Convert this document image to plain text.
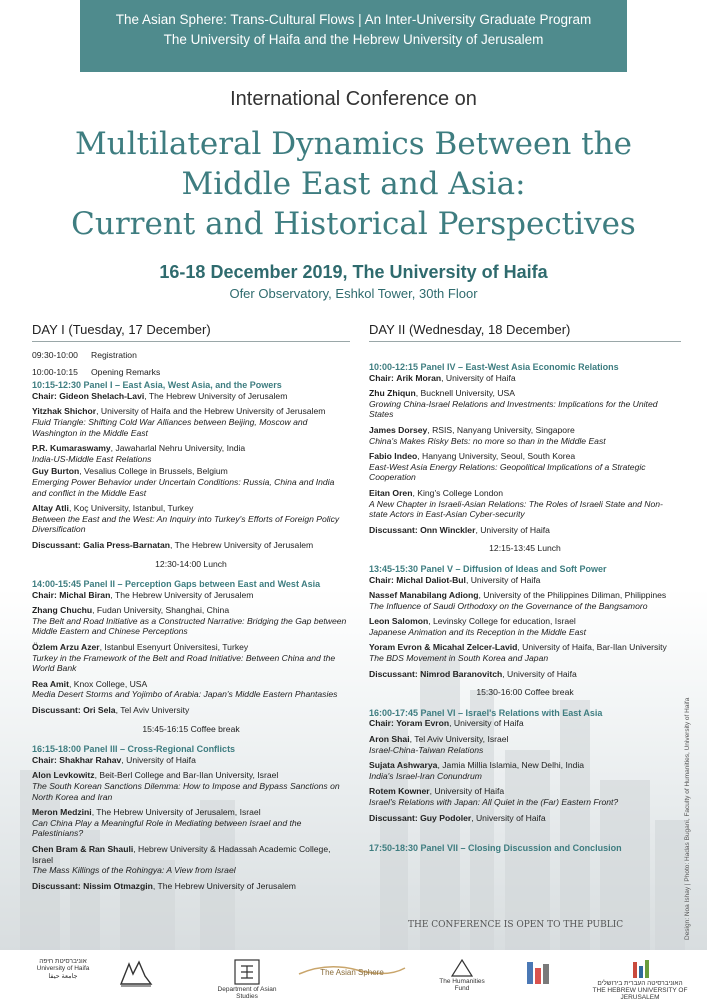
The Asian Sphere: Trans-Cultural Flows | An Inter-University Graduate Program
The University of Haifa and the Hebrew University of Jerusalem
International Conference on
Multilateral Dynamics Between the
Middle East and Asia:
Current and Historical Perspectives
16-18 December 2019, The University of Haifa
Ofer Observatory, Eshkol Tower, 30th Floor
DAY I (Tuesday, 17 December)	DAY II (Wednesday, 18 December)
09:30-10:00 Registration
10:00-10:15 Opening Remarks
10:15-12:30 Panel I – East Asia, West Asia, and the Powers
Chair: Gideon Shelach-Lavi, The Hebrew University of Jerusalem
Yitzhak Shichor, University of Haifa and the Hebrew University of Jerusalem
Fluid Triangle: Shifting Cold War Alliances between Beijing, Moscow and Washington in the Middle East
P.R. Kumaraswamy, Jawaharlal Nehru University, India
India-US-Middle East Relations
Guy Burton, Vesalius College in Brussels, Belgium
Emerging Power Behavior under Uncertain Conditions: Russia, China and India and conflict in the Middle East
Altay Atli, Koç University, Istanbul, Turkey
Between the East and the West: An Inquiry into Turkey's Efforts of Foreign Policy Diversification
Discussant: Galia Press-Barnatan, The Hebrew University of Jerusalem
12:30-14:00 Lunch
14:00-15:45 Panel II – Perception Gaps between East and West Asia
Chair: Michal Biran, The Hebrew University of Jerusalem
Zhang Chuchu, Fudan University, Shanghai, China
The Belt and Road Initiative as a Constructed Narrative: Bridging the Gap between Middle Eastern and Chinese Perceptions
Özlem Arzu Azer, Istanbul Esenyurt Üniversitesi, Turkey
Turkey in the Framework of the Belt and Road Initiative: Between China and the World Bank
Rea Amit, Knox College, USA
Media Desert Storms and Yojimbo of Arabia: Japan's Middle Eastern Phantasies
Discussant: Ori Sela, Tel Aviv University
15:45-16:15 Coffee break
16:15-18:00 Panel III – Cross-Regional Conflicts
Chair: Shakhar Rahav, University of Haifa
Alon Levkowitz, Beit-Berl College and Bar-Ilan University, Israel
The South Korean Sanctions Dilemma: How to Impose and Bypass Sanctions on North Korea and Iran
Meron Medzini, The Hebrew University of Jerusalem, Israel
Can China Play a Meaningful Role in Mediating between Israel and the Palestinians?
Chen Bram & Ran Shauli, Hebrew University & Hadassah Academic College, Israel
The Mass Killings of the Rohingya: A View from Israel
Discussant: Nissim Otmazgin, The Hebrew University of Jerusalem
10:00-12:15 Panel IV – East-West Asia Economic Relations
Chair: Arik Moran, University of Haifa
Zhu Zhiqun, Bucknell University, USA
Growing China-Israel Relations and Investments: Implications for the United States
James Dorsey, RSIS, Nanyang University, Singapore
China's Makes Risky Bets: no more so than in the Middle East
Fabio Indeo, Hanyang University, Seoul, South Korea
East-West Asia Energy Relations: Geopolitical Implications of a Strategic Cooperation
Eitan Oren, King's College London
A New Chapter in Israeli-Asian Relations: The Roles of Israeli State and Non-state Actors in East-Asian Cyber-security
Discussant: Onn Winckler, University of Haifa
12:15-13:45 Lunch
13:45-15:30 Panel V – Diffusion of Ideas and Soft Power
Chair: Michal Daliot-Bul, University of Haifa
Nassef Manabilang Adiong, University of the Philippines Diliman, Philippines
The Influence of Saudi Orthodoxy on the Governance of the Bangsamoro
Leon Salomon, Levinsky College for education, Israel
Japanese Animation and its Reception in the Middle East
Yoram Evron & Micahal Zelcer-Lavid, University of Haifa, Bar-Ilan University
The BDS Movement in South Korea and Japan
Discussant: Nimrod Baranovitch, University of Haifa
15:30-16:00 Coffee break
16:00-17:45 Panel VI – Israel's Relations with East Asia
Chair: Yoram Evron, University of Haifa
Aron Shai, Tel Aviv University, Israel
Israel-China-Taiwan Relations
Sujata Ashwarya, Jamia Millia Islamia, New Delhi, India
India's Israel-Iran Conundrum
Rotem Kowner, University of Haifa
Israel's Relations with Japan: All Quiet in the (Far) Eastern Front?
Discussant: Guy Podoler, University of Haifa
17:50-18:30 Panel VII – Closing Discussion and Conclusion	Design: Noa Ishay | Photo: Hadas Bugani, Faculty of Humanities, University of Haifa
THE CONFERENCE IS OPEN TO THE PUBLIC
אוניברסיטת חיפה
University of Haifa
جامعة حيفا
Department of Asian Studies
The Asian Sphere
The Humanities Fund
האוניברסיטה העברית בירושלים
THE HEBREW UNIVERSITY OF JERUSALEM
